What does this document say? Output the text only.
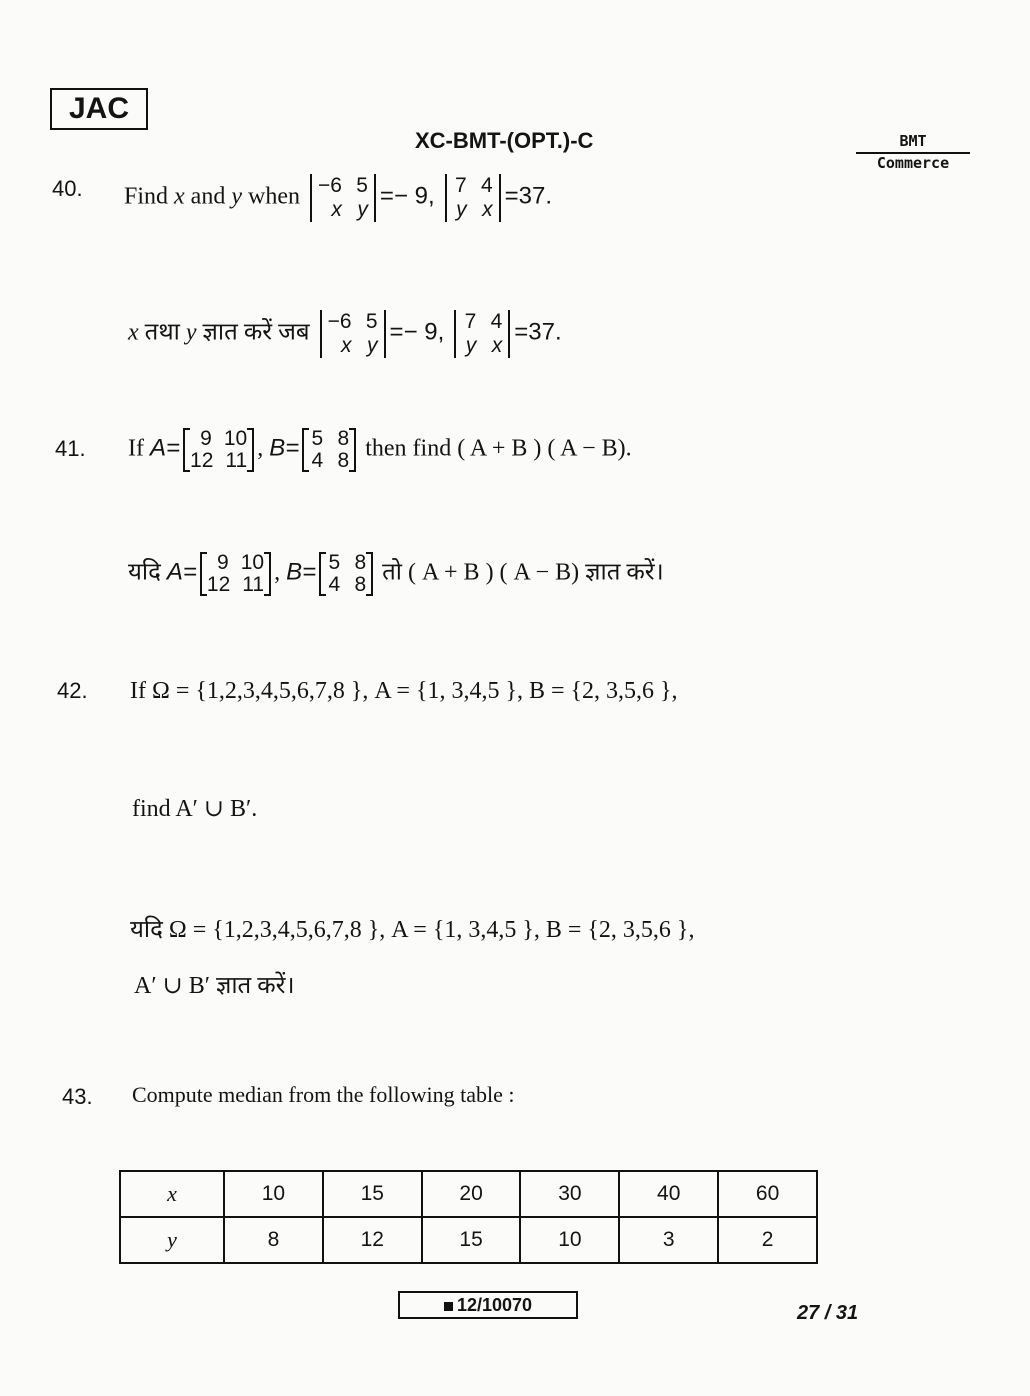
JAC
XC-BMT-(OPT.)-C	BMT
Commerce
40. Find x and y when −6 5
x y =− 9, 7 4
y x =37.
x तथा y ज्ञात करें जब −6 5
x y =− 9, 7 4
y x =37.
41. If A= 9 10
12 11 , B= 5 8
4 8 then find ( A + B ) ( A − B).
यदि A= 9 10
12 11 , B= 5 8
4 8 तो ( A + B ) ( A − B) ज्ञात करें।
42. If Ω = {1,2,3,4,5,6,7,8 }, A = {1, 3,4,5 }, B = {2, 3,5,6 },
find A′ ∪ B′.
यदि Ω = {1,2,3,4,5,6,7,8 }, A = {1, 3,4,5 }, B = {2, 3,5,6 },
A′ ∪ B′ ज्ञात करें।
43. Compute median from the following table :
x	10	15	20	30	40	60
y	8	12	15	10	3	2
12/10070	27 / 31
